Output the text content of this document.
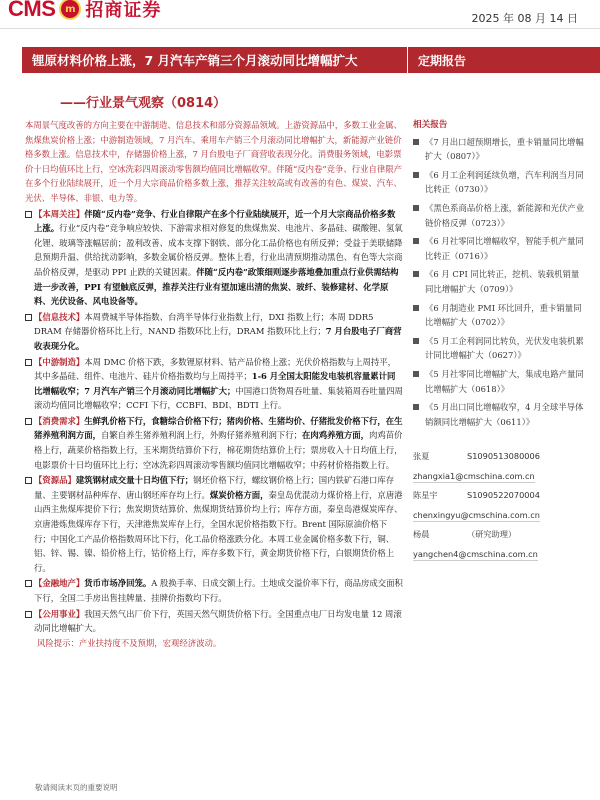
CMS m 招商证券	2025 年 08 月 14 日
锂原材料价格上涨，7 月汽车产销三个月滚动同比增幅扩大	定期报告
——行业景气观察（0814）

本周景气度改善的方向主要在中游制造、信息技术和部分资源品领域。上游资源品中，多数工业金属、焦煤焦炭价格上涨；中游制造领域，7 月汽车、乘用车产销三个月滚动同比增幅扩大，新能源产业链价格多数上涨。信息技术中，存储器价格上涨，7 月台股电子厂商营收表现分化。消费服务领域，电影票价十日均值环比上行，空冰洗彩四周滚动零售额均值同比增幅收窄。伴随“反内卷”竞争、行业自律限产在多个行业陆续展开，近一个月大宗商品价格多数上涨，推荐关注较高或有改善的有色、煤炭、汽车、光伏、半导体、非银、电力等。

【本周关注】伴随“反内卷”竞争、行业自律限产在多个行业陆续展开，近一个月大宗商品价格多数上涨。行业“反内卷”竞争响应较快、下游需求相对修复的焦煤焦炭、电池片、多晶硅、碳酸锂、氢氧化锂、玻璃等涨幅居前；盈利改善、成本支撑下钢铁、部分化工品价格也有所反弹；受益于美联储降息预期升温、供给扰动影响，多数金属价格反弹。整体上看，行业出清预期推动黑色、有色等大宗商品价格反弹，是驱动 PPI 止跌的关键因素。伴随“反内卷”政策细则逐步落地叠加重点行业供需结构进一步改善，PPI 有望触底反弹，推荐关注行业有望加速出清的焦炭、玻纤、装修建材、化学原料、光伏设备、风电设备等。

【信息技术】本周费城半导体指数、台湾半导体行业指数上行，DXI 指数上行；本周 DDR5 DRAM 存储器价格环比上行，NAND 指数环比上行，DRAM 指数环比上行；7 月台股电子厂商营收表现分化。

【中游制造】本周 DMC 价格下跌，多数锂原材料、钴产品价格上涨；光伏价格指数与上周持平，其中多晶硅、组件、电池片、硅片价格指数均与上周持平；1-6 月全国太阳能发电装机容量累计同比增幅收窄；7 月汽车产销三个月滚动同比增幅扩大；中国港口货物周吞吐量、集装箱周吞吐量四周滚动均值同比增幅收窄；CCFI 下行，CCBFI、BDI、BDTI 上行。

【消费需求】生鲜乳价格下行，食糖综合价格下行；猪肉价格、生猪均价、仔猪批发价格下行，在生猪养殖利润方面，自繁自养生猪养殖利润上行，外购仔猪养殖利润下行；在肉鸡养殖方面，肉鸡苗价格上行，蔬菜价格指数上行，玉米期货结算价下行，棉花期货结算价上行；票房收入十日均值上行，电影票价十日均值环比上行；空冰洗彩四周滚动零售额均值同比增幅收窄；中药材价格指数上行。

【资源品】建筑钢材成交量十日均值下行；钢坯价格下行，螺纹钢价格上行；国内铁矿石港口库存量、主要钢材品种库存、唐山钢坯库存均上行。煤炭价格方面，秦皇岛优混动力煤价格上行，京唐港山西主焦煤库提价下行；焦炭期货结算价、焦煤期货结算价均上行；库存方面，秦皇岛港煤炭库存、京唐港炼焦煤库存下行，天津港焦炭库存上行，全国水泥价格指数下行。Brent 国际原油价格下行；中国化工产品价格指数周环比下行，化工品价格涨跌分化。本周工业金属价格多数下行，铜、铝、锌、锡、镍、铅价格上行，钴价格上行，库存多数下行，黄金期货价格下行，白银期货价格上行。

【金融地产】货币市场净回笼。A 股换手率、日成交额上行。土地成交溢价率下行，商品房成交面积下行，全国二手房出售挂牌量、挂牌价指数均下行。

【公用事业】我国天然气出厂价下行，英国天然气期货价格下行。全国重点电厂日均发电量 12 周滚动同比增幅扩大。

风险提示：产业扶持度不及预期，宏观经济波动。

相关报告
《7 月出口超预期增长，重卡销量同比增幅扩大（0807）》
《6 月工企利润延续负增，汽车利润当月同比转正（0730）》
《黑色系商品价格上涨，新能源和光伏产业链价格反弹（0723）》
《6 月社零同比增幅收窄，智能手机产量同比转正（0716）》
《6 月 CPI 同比转正，挖机、装载机销量同比增幅扩大（0709）》
《6 月制造业 PMI 环比回升，重卡销量同比增幅扩大（0702）》
《5 月工企利润同比转负，光伏发电装机累计同比增幅扩大（0627）》
《5 月社零同比增幅扩大，集成电路产量同比增幅扩大（0618）》
《5 月出口同比增幅收窄，4 月全球半导体销额同比增幅扩大（0611）》
张夏	S1090513080006
zhangxia1@cmschina.com.cn
陈星宇	S1090522070004
chenxingyu@cmschina.com.cn
杨晨	（研究助理）
yangchen4@cmschina.com.cn
敬请阅读末页的重要说明
